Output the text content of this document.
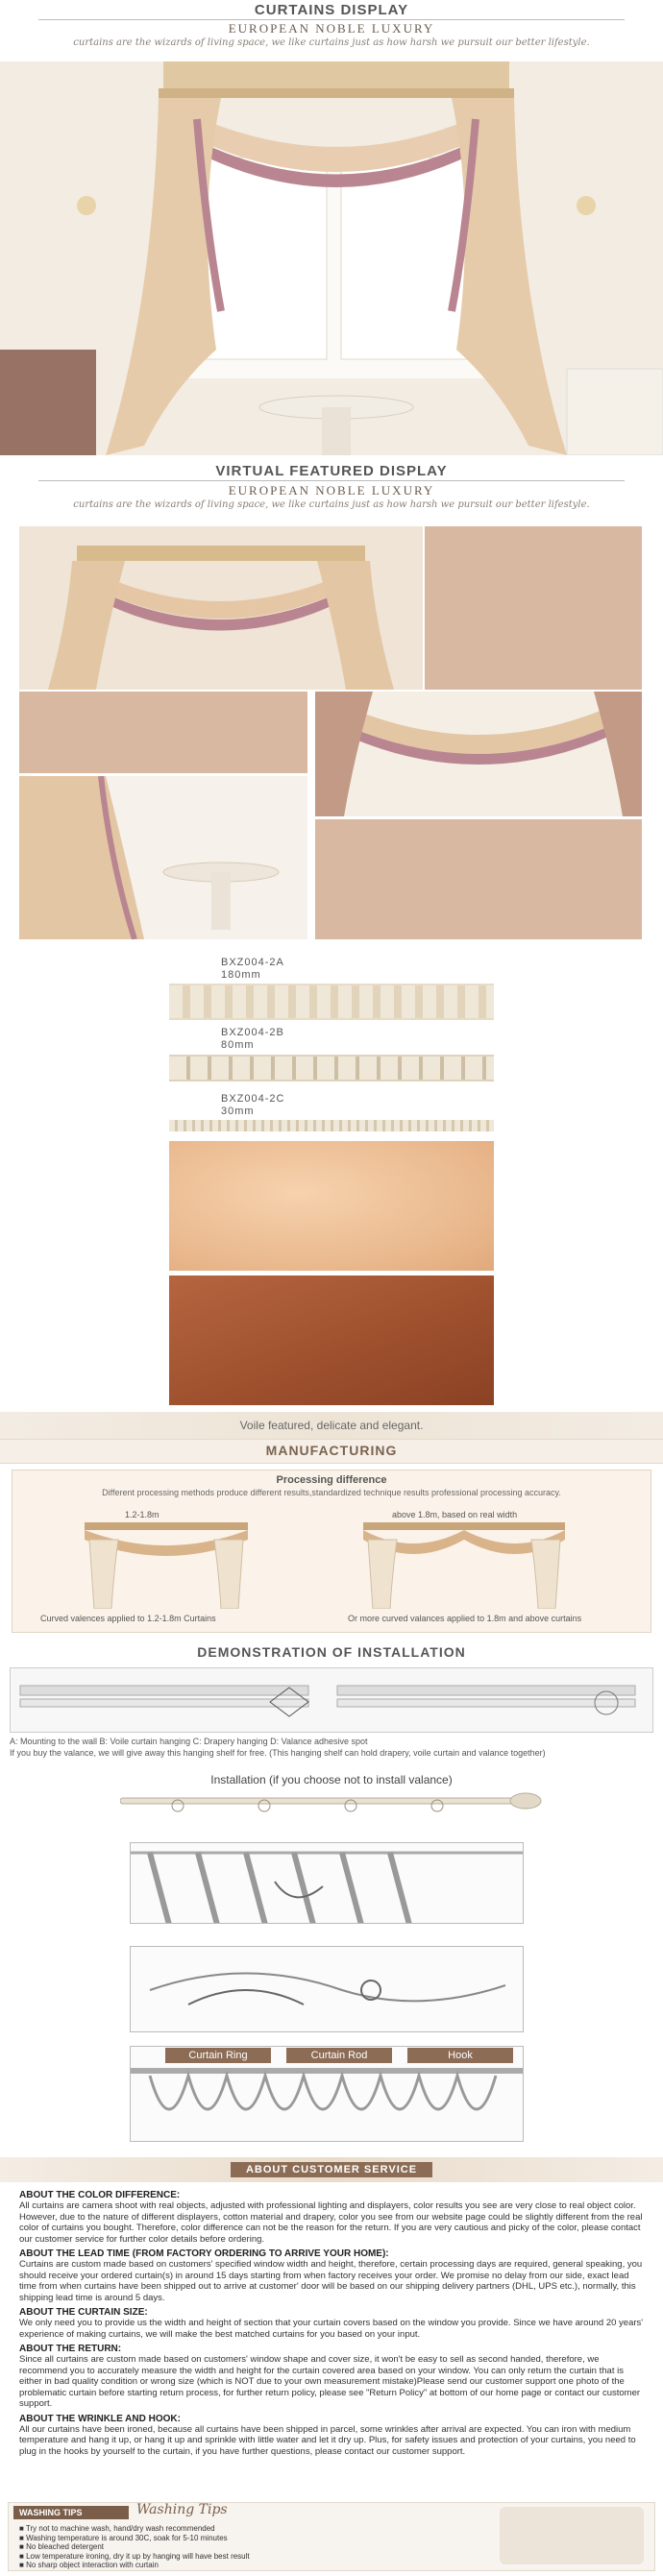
CURTAINS DISPLAY
EUROPEAN NOBLE LUXURY
curtains are the wizards of living space, we like curtains just as how harsh we pursuit our better lifestyle.
VIRTUAL FEATURED DISPLAY
EUROPEAN NOBLE LUXURY
curtains are the wizards of living space, we like curtains just as how harsh we pursuit our better lifestyle.
BXZ004-2A
180mm
BXZ004-2B
80mm
BXZ004-2C
30mm
Voile featured, delicate and elegant.
MANUFACTURING
Processing difference
Different processing methods produce different results,standardized technique results professional processing accuracy.
1.2-1.8m	above 1.8m, based on real width
Curved valences applied to 1.2-1.8m Curtains	Or more curved valances applied to 1.8m and above curtains
DEMONSTRATION OF INSTALLATION
A: Mounting to the wall B: Voile curtain hanging C: Drapery hanging D: Valance adhesive spot
If you buy the valance, we will give away this hanging shelf for free. (This hanging shelf can hold drapery, voile curtain and valance together)
Installation (if you choose not to install valance)
Curtain Ring	Curtain Rod	Hook
ABOUT CUSTOMER SERVICE
ABOUT THE COLOR DIFFERENCE:
All curtains are camera shoot with real objects, adjusted with professional lighting and displayers, color results you see are very close to real object color. However, due to the nature of different displayers, cotton material and drapery, color you see from our website page could be slightly different from the real color of curtains you bought. Therefore, color difference can not be the reason for the return. If you are very cautious and picky of the color, please contact our customer service for further color details before ordering.
ABOUT THE LEAD TIME (FROM FACTORY ORDERING TO ARRIVE YOUR HOME):
Curtains are custom made based on customers' specified window width and height, therefore, certain processing days are required, general speaking, you should receive your ordered curtain(s) in around 15 days starting from when factory receives your order. We promise no delay from our side, exact lead time from when curtains have been shipped out to arrive at customer' door will be based on our shipping delivery partners (DHL, UPS etc.), normally, this shipping lead time is around 5 days.
ABOUT THE CURTAIN SIZE:
We only need you to provide us the width and height of section that your curtain covers based on the window you provide. Since we have around 20 years' experience of making curtains, we will make the best matched curtains for you based on your input.
ABOUT THE RETURN:
Since all curtains are custom made based on customers' window shape and cover size, it won't be easy to sell as second handed, therefore, we recommend you to accurately measure the width and height for the curtain covered area based on your window. You can only return the curtain that is either in bad quality condition or wrong size (which is NOT due to your own measurement mistake)Please send our customer support one photo of the problematic curtain before starting return process, for further return policy, please see "Return Policy" at bottom of our home page or contact our customer support.
ABOUT THE WRINKLE AND HOOK:
All our curtains have been ironed, because all curtains have been shipped in parcel, some wrinkles after arrival are expected. You can iron with medium temperature and hang it up, or hang it up and sprinkle with little water and let it dry up. Plus, for safety issues and protection of your curtains, you need to plug in the hooks by yourself to the curtain, if you have further questions, please contact our customer support.
WASHING TIPS	Washing Tips
■ Try not to machine wash, hand/dry wash recommended
■ Washing temperature is around 30C, soak for 5-10 minutes
■ No bleached detergent
■ Low temperature ironing, dry it up by hanging will have best result
■ No sharp object interaction with curtain
